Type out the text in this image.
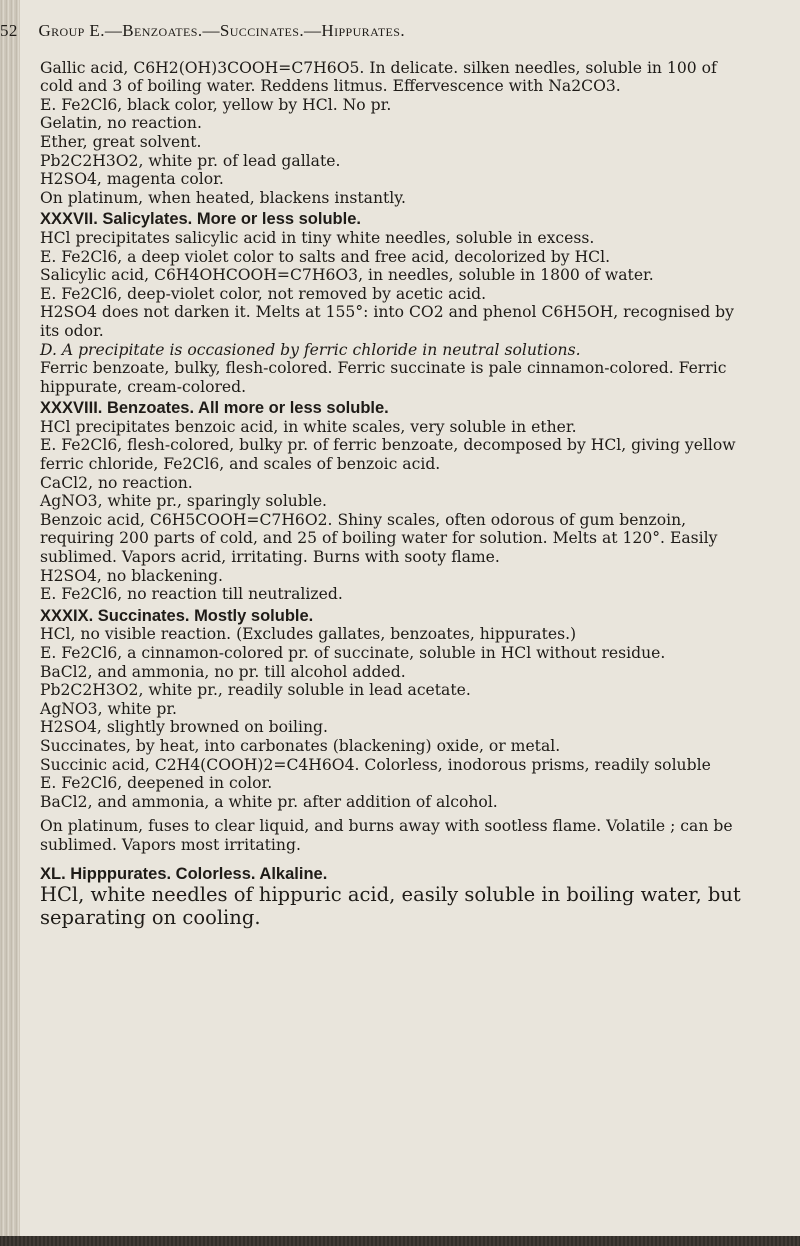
52 Group E.—Benzoates.—Succinates.—Hippurates.

Gallic acid, C6H2(OH)3COOH=C7H6O5. In delicate. silken needles, soluble in 100 of cold and 3 of boiling water. Reddens litmus. Effervescence with Na2CO3.

E. Fe2Cl6, black color, yellow by HCl. No pr.

Gelatin, no reaction.

Ether, great solvent.

Pb2C2H3O2, white pr. of lead gallate.

H2SO4, magenta color.

On platinum, when heated, blackens instantly.

XXXVII. Salicylates. More or less soluble.

HCl precipitates salicylic acid in tiny white needles, soluble in excess.

E. Fe2Cl6, a deep violet color to salts and free acid, decolorized by HCl.

Salicylic acid, C6H4OHCOOH=C7H6O3, in needles, soluble in 1800 of water.

E. Fe2Cl6, deep-violet color, not removed by acetic acid.

H2SO4 does not darken it. Melts at 155°: into CO2 and phenol C6H5OH, recognised by its odor.

D. A precipitate is occasioned by ferric chloride in neutral solutions.

Ferric benzoate, bulky, flesh-colored. Ferric succinate is pale cinnamon-colored. Ferric hippurate, cream-colored.

XXXVIII. Benzoates. All more or less soluble.

HCl precipitates benzoic acid, in white scales, very soluble in ether.

E. Fe2Cl6, flesh-colored, bulky pr. of ferric benzoate, decomposed by HCl, giving yellow ferric chloride, Fe2Cl6, and scales of benzoic acid.

CaCl2, no reaction.

AgNO3, white pr., sparingly soluble.

Benzoic acid, C6H5COOH=C7H6O2. Shiny scales, often odorous of gum benzoin, requiring 200 parts of cold, and 25 of boiling water for solution. Melts at 120°. Easily sublimed. Vapors acrid, irritating. Burns with sooty flame.

H2SO4, no blackening.

E. Fe2Cl6, no reaction till neutralized.

XXXIX. Succinates. Mostly soluble.

HCl, no visible reaction. (Excludes gallates, benzoates, hippurates.)

E. Fe2Cl6, a cinnamon-colored pr. of succinate, soluble in HCl without residue.

BaCl2, and ammonia, no pr. till alcohol added.

Pb2C2H3O2, white pr., readily soluble in lead acetate.

AgNO3, white pr.

H2SO4, slightly browned on boiling.

Succinates, by heat, into carbonates (blackening) oxide, or metal.

Succinic acid, C2H4(COOH)2=C4H6O4. Colorless, inodorous prisms, readily soluble

E. Fe2Cl6, deepened in color.

BaCl2, and ammonia, a white pr. after addition of alcohol.

On platinum, fuses to clear liquid, and burns away with sootless flame. Volatile ; can be sublimed. Vapors most irritating.

XL. Hipppurates. Colorless. Alkaline.

HCl, white needles of hippuric acid, easily soluble in boiling water, but separating on cooling.
